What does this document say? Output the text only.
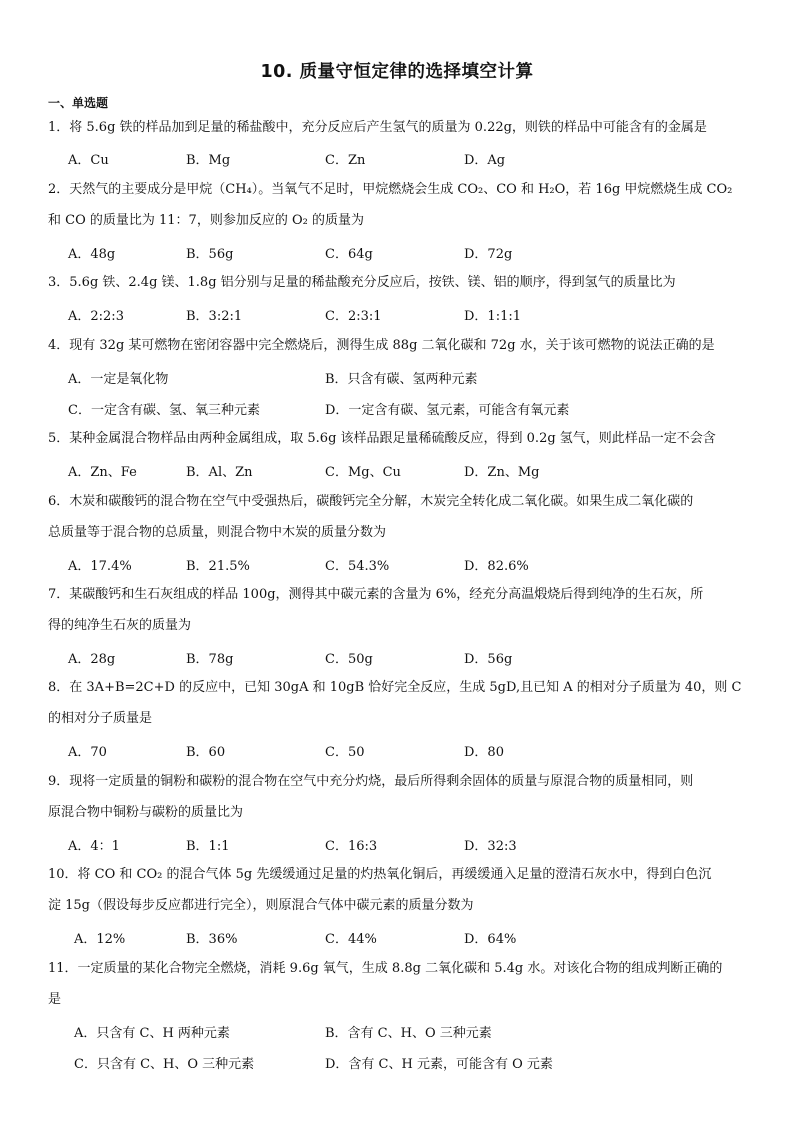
10. 质量守恒定律的选择填空计算
一、单选题
1．将 5.6g 铁的样品加到足量的稀盐酸中，充分反应后产生氢气的质量为 0.22g，则铁的样品中可能含有的金属是
A．Cu	B．Mg	C．Zn	D．Ag
2．天然气的主要成分是甲烷（CH₄）。当氧气不足时，甲烷燃烧会生成 CO₂、CO 和 H₂O，若 16g 甲烷燃烧生成 CO₂
和 CO 的质量比为 11：7，则参加反应的 O₂ 的质量为
A．48g	B．56g	C．64g	D．72g
3．5.6g 铁、2.4g 镁、1.8g 铝分别与足量的稀盐酸充分反应后，按铁、镁、铝的顺序，得到氢气的质量比为
A．2:2:3	B．3:2:1	C．2:3:1	D．1:1:1
4．现有 32g 某可燃物在密闭容器中完全燃烧后，测得生成 88g 二氧化碳和 72g 水，关于该可燃物的说法正确的是
A．一定是氧化物	B．只含有碳、氢两种元素
C．一定含有碳、氢、氧三种元素	D．一定含有碳、氢元素，可能含有氧元素
5．某种金属混合物样品由两种金属组成，取 5.6g 该样品跟足量稀硫酸反应，得到 0.2g 氢气，则此样品一定不会含
A．Zn、Fe	B．Al、Zn	C．Mg、Cu	D．Zn、Mg
6．木炭和碳酸钙的混合物在空气中受强热后，碳酸钙完全分解，木炭完全转化成二氧化碳。如果生成二氧化碳的
总质量等于混合物的总质量，则混合物中木炭的质量分数为
A．17.4%	B．21.5%	C．54.3%	D．82.6%
7．某碳酸钙和生石灰组成的样品 100g，测得其中碳元素的含量为 6%，经充分高温煅烧后得到纯净的生石灰，所
得的纯净生石灰的质量为
A．28g	B．78g	C．50g	D．56g
8．在 3A+B=2C+D 的反应中，已知 30gA 和 10gB 恰好完全反应，生成 5gD,且已知 A 的相对分子质量为 40，则 C
的相对分子质量是
A．70	B．60	C．50	D．80
9．现将一定质量的铜粉和碳粉的混合物在空气中充分灼烧，最后所得剩余固体的质量与原混合物的质量相同，则
原混合物中铜粉与碳粉的质量比为
A．4：1	B．1:1	C．16:3	D．32:3
10．将 CO 和 CO₂ 的混合气体 5g 先缓缓通过足量的灼热氧化铜后，再缓缓通入足量的澄清石灰水中，得到白色沉
淀 15g（假设每步反应都进行完全），则原混合气体中碳元素的质量分数为
A．12%	B．36%	C．44%	D．64%
11．一定质量的某化合物完全燃烧，消耗 9.6g 氧气，生成 8.8g 二氧化碳和 5.4g 水。对该化合物的组成判断正确的
是
A．只含有 C、H 两种元素	B．含有 C、H、O 三种元素
C．只含有 C、H、O 三种元素	D．含有 C、H 元素，可能含有 O 元素
